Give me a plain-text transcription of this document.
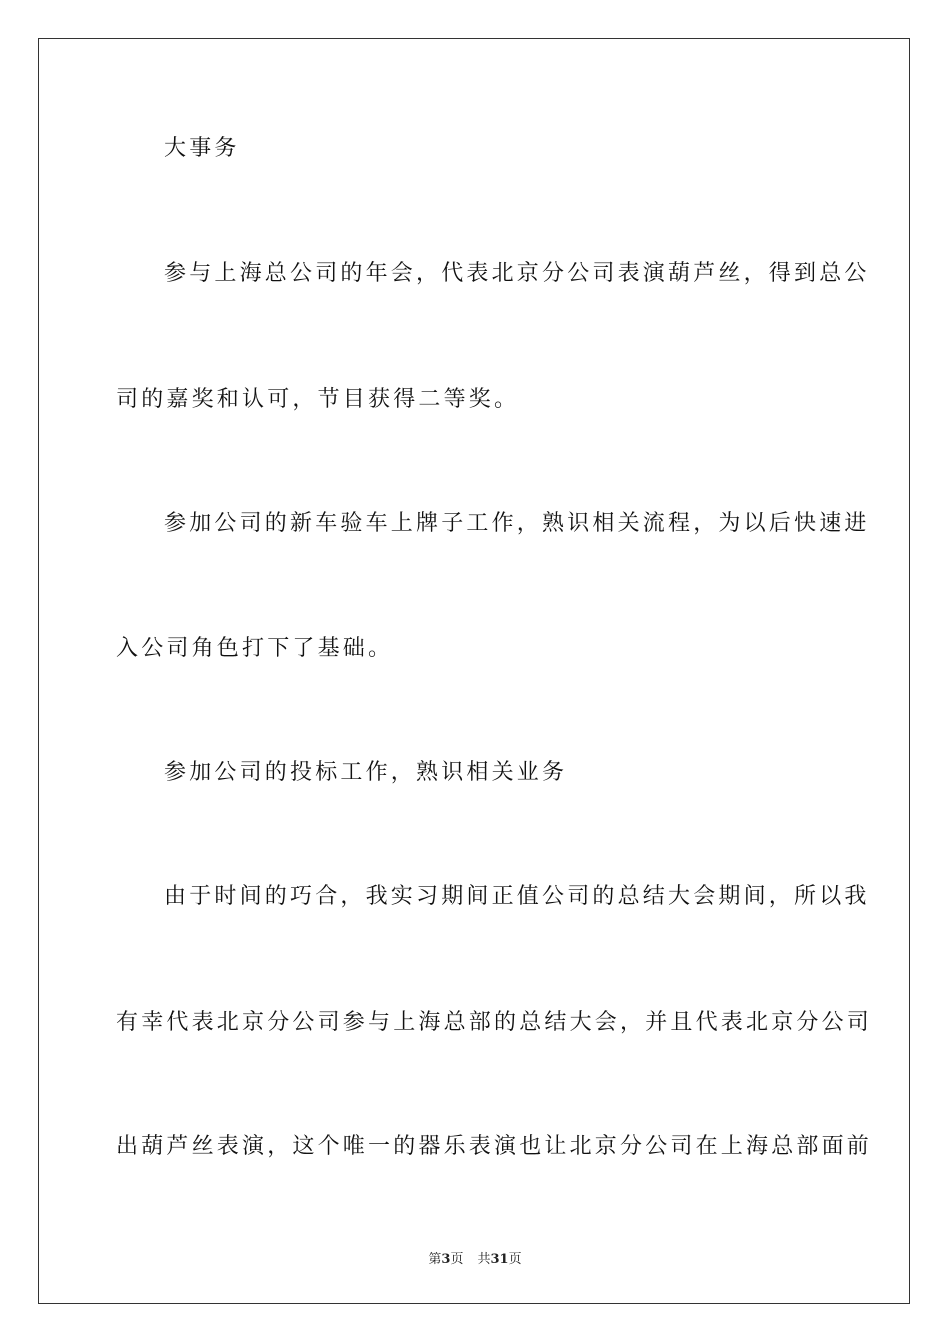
大事务
参与上海总公司的年会，代表北京分公司表演葫芦丝，得到总公
司的嘉奖和认可，节目获得二等奖。
参加公司的新车验车上牌子工作，熟识相关流程，为以后快速进
入公司角色打下了基础。
参加公司的投标工作，熟识相关业务
由于时间的巧合，我实习期间正值公司的总结大会期间，所以我
有幸代表北京分公司参与上海总部的总结大会，并且代表北京分公司
出葫芦丝表演，这个唯一的器乐表演也让北京分公司在上海总部面前
第3页 共31页
